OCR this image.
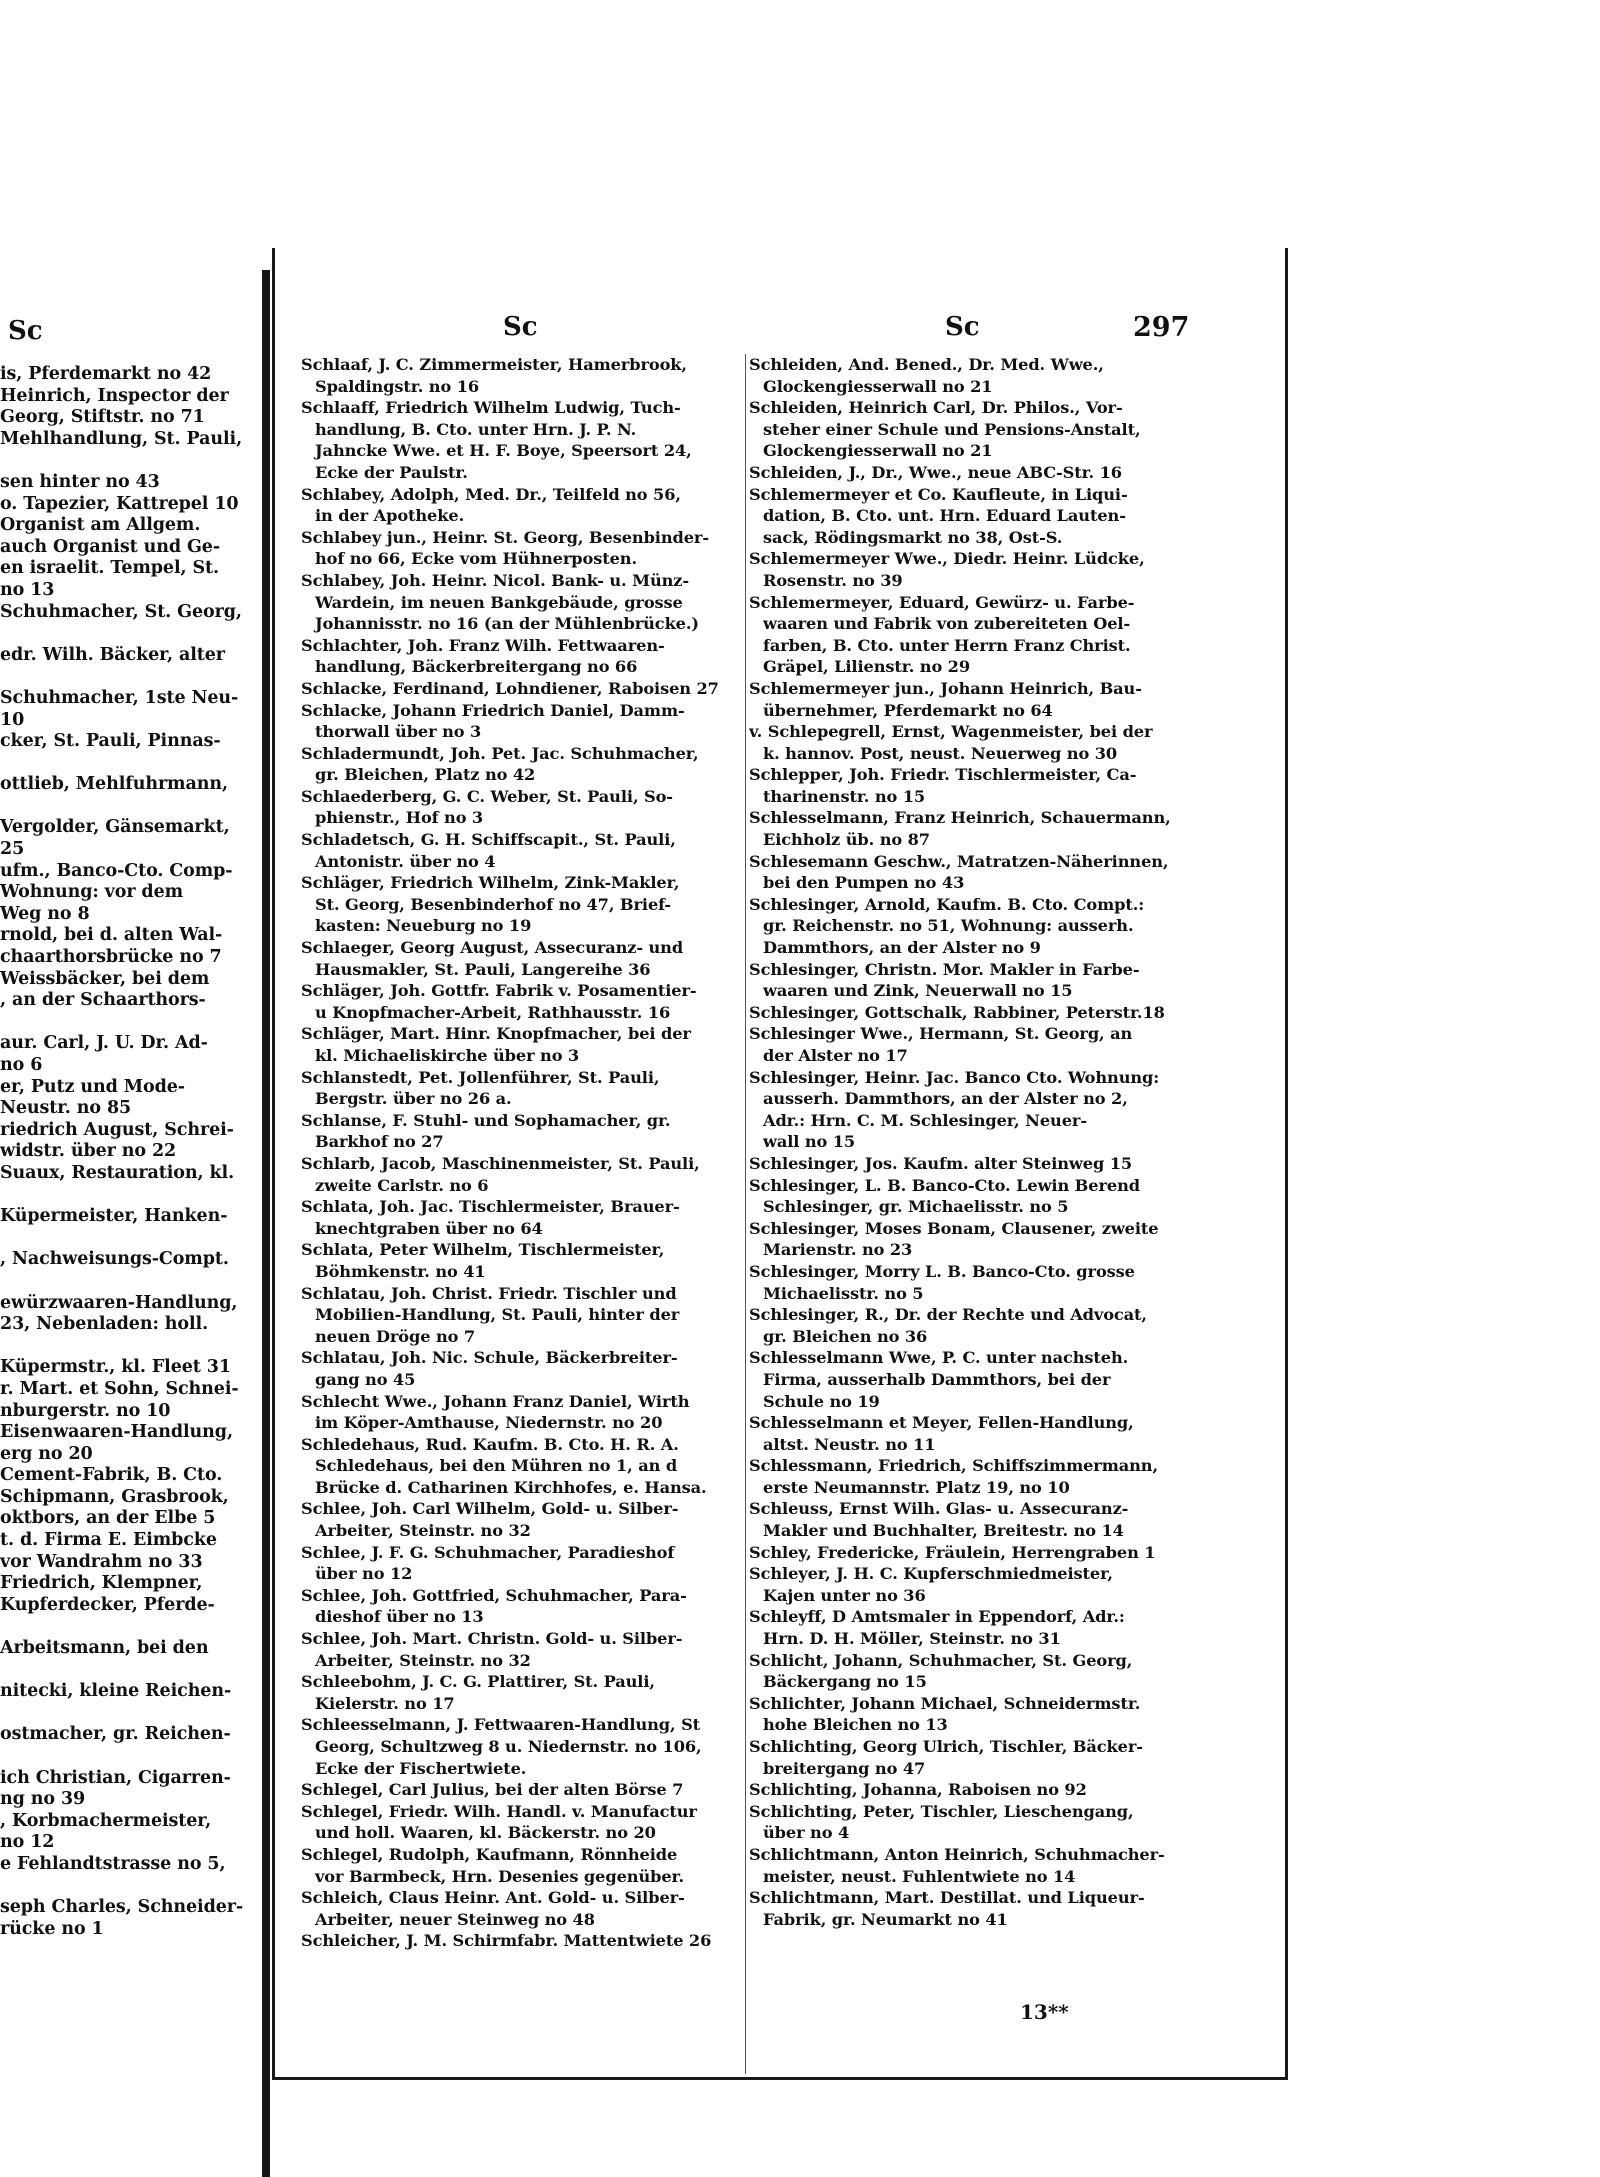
Sc
is, Pferdemarkt no 42
Heinrich, Inspector der
Georg, Stiftstr. no 71
Mehlhandlung, St. Pauli,
sen hinter no 43
o. Tapezier, Kattrepel 10
Organist am Allgem.
auch Organist und Ge-
en israelit. Tempel, St.
no 13
Schuhmacher, St. Georg,
edr. Wilh. Bäcker, alter
Schuhmacher, 1ste Neu-
10
cker, St. Pauli, Pinnas-
ottlieb, Mehlfuhrmann,
Vergolder, Gänsemarkt,
25
ufm., Banco-Cto. Comp-
Wohnung: vor dem
Weg no 8
rnold, bei d. alten Wal-
chaarthorsbrücke no 7
Weissbäcker, bei dem
, an der Schaarthors-
aur. Carl, J. U. Dr. Ad-
no 6
er, Putz und Mode-
Neustr. no 85
riedrich August, Schrei-
widstr. über no 22
Suaux, Restauration, kl.
Küpermeister, Hanken-
, Nachweisungs-Compt.
ewürzwaaren-Handlung,
23, Nebenladen: holl.
Küpermstr., kl. Fleet 31
r. Mart. et Sohn, Schnei-
nburgerstr. no 10
Eisenwaaren-Handlung,
erg no 20
Cement-Fabrik, B. Cto.
Schipmann, Grasbrook,
oktbors, an der Elbe 5
t. d. Firma E. Eimbcke
vor Wandrahm no 33
Friedrich, Klempner,
Kupferdecker, Pferde-
Arbeitsmann, bei den
nitecki, kleine Reichen-
ostmacher, gr. Reichen-
ich Christian, Cigarren-
ng no 39
, Korbmachermeister,
no 12
e Fehlandtstrasse no 5,
seph Charles, Schneider-
rücke no 1
Sc	Sc	297
Schlaaf, J. C. Zimmermeister, Hamerbrook,
Spaldingstr. no 16
Schlaaff, Friedrich Wilhelm Ludwig, Tuch-
handlung, B. Cto. unter Hrn. J. P. N.
Jahncke Wwe. et H. F. Boye, Speersort 24,
Ecke der Paulstr.
Schlabey, Adolph, Med. Dr., Teilfeld no 56,
in der Apotheke.
Schlabey jun., Heinr. St. Georg, Besenbinder-
hof no 66, Ecke vom Hühnerposten.
Schlabey, Joh. Heinr. Nicol. Bank- u. Münz-
Wardein, im neuen Bankgebäude, grosse
Johannisstr. no 16 (an der Mühlenbrücke.)
Schlachter, Joh. Franz Wilh. Fettwaaren-
handlung, Bäckerbreitergang no 66
Schlacke, Ferdinand, Lohndiener, Raboisen 27
Schlacke, Johann Friedrich Daniel, Damm-
thorwall über no 3
Schladermundt, Joh. Pet. Jac. Schuhmacher,
gr. Bleichen, Platz no 42
Schlaederberg, G. C. Weber, St. Pauli, So-
phienstr., Hof no 3
Schladetsch, G. H. Schiffscapit., St. Pauli,
Antonistr. über no 4
Schläger, Friedrich Wilhelm, Zink-Makler,
St. Georg, Besenbinderhof no 47, Brief-
kasten: Neueburg no 19
Schlaeger, Georg August, Assecuranz- und
Hausmakler, St. Pauli, Langereihe 36
Schläger, Joh. Gottfr. Fabrik v. Posamentier-
u Knopfmacher-Arbeit, Rathhausstr. 16
Schläger, Mart. Hinr. Knopfmacher, bei der
kl. Michaeliskirche über no 3
Schlanstedt, Pet. Jollenführer, St. Pauli,
Bergstr. über no 26 a.
Schlanse, F. Stuhl- und Sophamacher, gr.
Barkhof no 27
Schlarb, Jacob, Maschinenmeister, St. Pauli,
zweite Carlstr. no 6
Schlata, Joh. Jac. Tischlermeister, Brauer-
knechtgraben über no 64
Schlata, Peter Wilhelm, Tischlermeister,
Böhmkenstr. no 41
Schlatau, Joh. Christ. Friedr. Tischler und
Mobilien-Handlung, St. Pauli, hinter der
neuen Dröge no 7
Schlatau, Joh. Nic. Schule, Bäckerbreiter-
gang no 45
Schlecht Wwe., Johann Franz Daniel, Wirth
im Köper-Amthause, Niedernstr. no 20
Schledehaus, Rud. Kaufm. B. Cto. H. R. A.
Schledehaus, bei den Mühren no 1, an d
Brücke d. Catharinen Kirchhofes, e. Hansa.
Schlee, Joh. Carl Wilhelm, Gold- u. Silber-
Arbeiter, Steinstr. no 32
Schlee, J. F. G. Schuhmacher, Paradieshof
über no 12
Schlee, Joh. Gottfried, Schuhmacher, Para-
dieshof über no 13
Schlee, Joh. Mart. Christn. Gold- u. Silber-
Arbeiter, Steinstr. no 32
Schleebohm, J. C. G. Plattirer, St. Pauli,
Kielerstr. no 17
Schleesselmann, J. Fettwaaren-Handlung, St
Georg, Schultzweg 8 u. Niedernstr. no 106,
Ecke der Fischertwiete.
Schlegel, Carl Julius, bei der alten Börse 7
Schlegel, Friedr. Wilh. Handl. v. Manufactur
und holl. Waaren, kl. Bäckerstr. no 20
Schlegel, Rudolph, Kaufmann, Rönnheide
vor Barmbeck, Hrn. Desenies gegenüber.
Schleich, Claus Heinr. Ant. Gold- u. Silber-
Arbeiter, neuer Steinweg no 48
Schleicher, J. M. Schirmfabr. Mattentwiete 26
Schleiden, And. Bened., Dr. Med. Wwe.,
Glockengiesserwall no 21
Schleiden, Heinrich Carl, Dr. Philos., Vor-
steher einer Schule und Pensions-Anstalt,
Glockengiesserwall no 21
Schleiden, J., Dr., Wwe., neue ABC-Str. 16
Schlemermeyer et Co. Kaufleute, in Liqui-
dation, B. Cto. unt. Hrn. Eduard Lauten-
sack, Rödingsmarkt no 38, Ost-S.
Schlemermeyer Wwe., Diedr. Heinr. Lüdcke,
Rosenstr. no 39
Schlemermeyer, Eduard, Gewürz- u. Farbe-
waaren und Fabrik von zubereiteten Oel-
farben, B. Cto. unter Herrn Franz Christ.
Gräpel, Lilienstr. no 29
Schlemermeyer jun., Johann Heinrich, Bau-
übernehmer, Pferdemarkt no 64
v. Schlepegrell, Ernst, Wagenmeister, bei der
k. hannov. Post, neust. Neuerweg no 30
Schlepper, Joh. Friedr. Tischlermeister, Ca-
tharinenstr. no 15
Schlesselmann, Franz Heinrich, Schauermann,
Eichholz üb. no 87
Schlesemann Geschw., Matratzen-Näherinnen,
bei den Pumpen no 43
Schlesinger, Arnold, Kaufm. B. Cto. Compt.:
gr. Reichenstr. no 51, Wohnung: ausserh.
Dammthors, an der Alster no 9
Schlesinger, Christn. Mor. Makler in Farbe-
waaren und Zink, Neuerwall no 15
Schlesinger, Gottschalk, Rabbiner, Peterstr.18
Schlesinger Wwe., Hermann, St. Georg, an
der Alster no 17
Schlesinger, Heinr. Jac. Banco Cto. Wohnung:
ausserh. Dammthors, an der Alster no 2,
Adr.: Hrn. C. M. Schlesinger, Neuer-
wall no 15
Schlesinger, Jos. Kaufm. alter Steinweg 15
Schlesinger, L. B. Banco-Cto. Lewin Berend
Schlesinger, gr. Michaelisstr. no 5
Schlesinger, Moses Bonam, Clausener, zweite
Marienstr. no 23
Schlesinger, Morry L. B. Banco-Cto. grosse
Michaelisstr. no 5
Schlesinger, R., Dr. der Rechte und Advocat,
gr. Bleichen no 36
Schlesselmann Wwe, P. C. unter nachsteh.
Firma, ausserhalb Dammthors, bei der
Schule no 19
Schlesselmann et Meyer, Fellen-Handlung,
altst. Neustr. no 11
Schlessmann, Friedrich, Schiffszimmermann,
erste Neumannstr. Platz 19, no 10
Schleuss, Ernst Wilh. Glas- u. Assecuranz-
Makler und Buchhalter, Breitestr. no 14
Schley, Fredericke, Fräulein, Herrengraben 1
Schleyer, J. H. C. Kupferschmiedmeister,
Kajen unter no 36
Schleyff, D Amtsmaler in Eppendorf, Adr.:
Hrn. D. H. Möller, Steinstr. no 31
Schlicht, Johann, Schuhmacher, St. Georg,
Bäckergang no 15
Schlichter, Johann Michael, Schneidermstr.
hohe Bleichen no 13
Schlichting, Georg Ulrich, Tischler, Bäcker-
breitergang no 47
Schlichting, Johanna, Raboisen no 92
Schlichting, Peter, Tischler, Lieschengang,
über no 4
Schlichtmann, Anton Heinrich, Schuhmacher-
meister, neust. Fuhlentwiete no 14
Schlichtmann, Mart. Destillat. und Liqueur-
Fabrik, gr. Neumarkt no 41
13**
